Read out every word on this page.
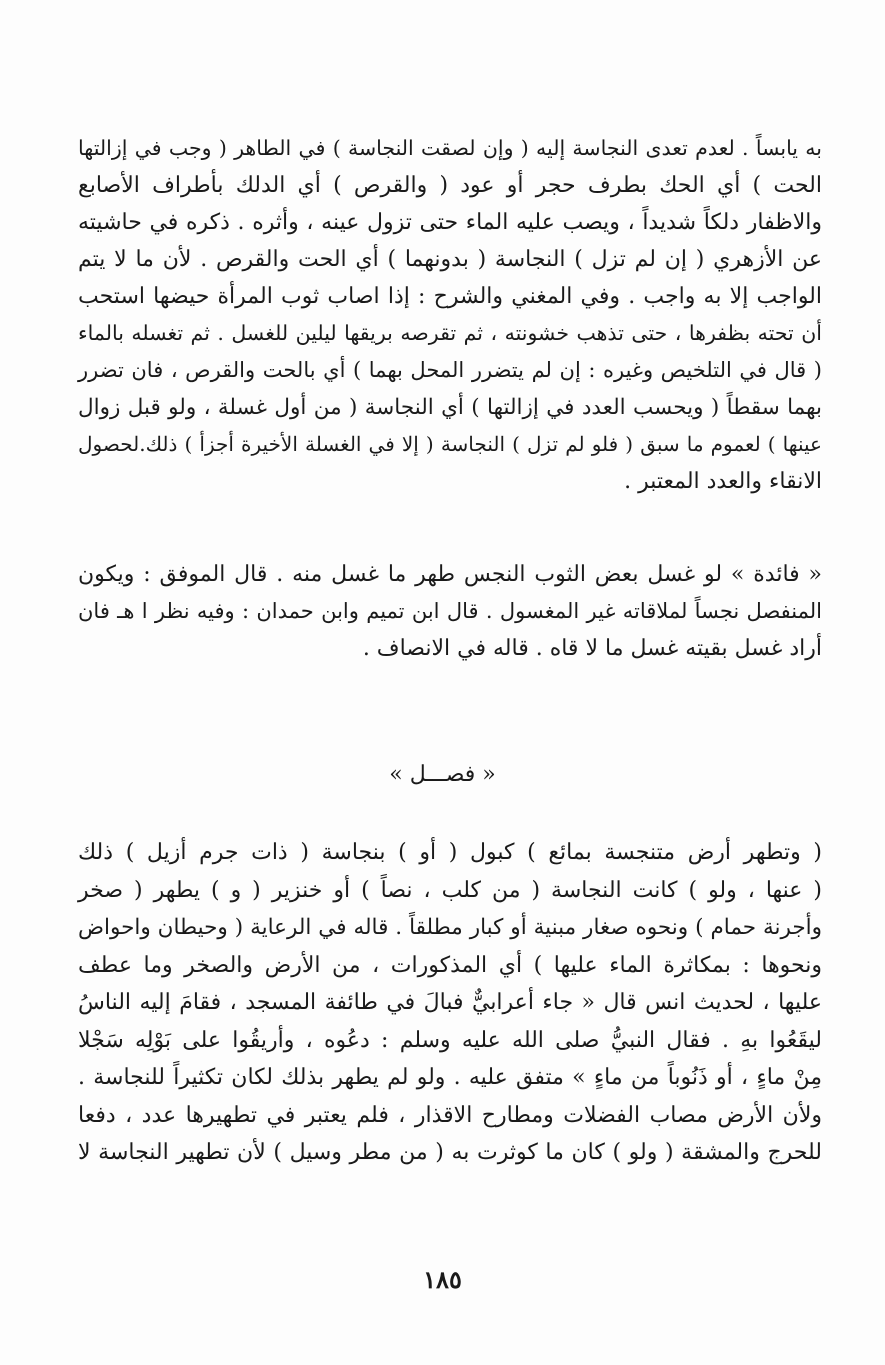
به يابساً . لعدم تعدى النجاسة إليه ( وإن لصقت النجاسة ) في الطاهر ( وجب في إزالتها
الحت ) أي الحك بطرف حجر أو عود ( والقرص ) أي الدلك بأطراف الأصابع
والاظفار دلكاً شديداً ، ويصب عليه الماء حتى تزول عينه ، وأثره . ذكره في حاشيته
عن الأزهري ( إن لم تزل ) النجاسة ( بدونهما ) أي الحت والقرص . لأن ما لا يتم
الواجب إلا به واجب . وفي المغني والشرح : إذا اصاب ثوب المرأة حيضها استحب
أن تحته بظفرها ، حتى تذهب خشونته ، ثم تقرصه بريقها ليلين للغسل . ثم تغسله بالماء
( قال في التلخيص وغيره : إن لم يتضرر المحل بهما ) أي بالحت والقرص ، فان تضرر
بهما سقطاً ( ويحسب العدد في إزالتها ) أي النجاسة ( من أول غسلة ، ولو قبل زوال
عينها ) لعموم ما سبق ( فلو لم تزل ) النجاسة ( إلا في الغسلة الأخيرة أجزأ ) ذلك.لحصول
الانقاء والعدد المعتبر .
« فائدة » لو غسل بعض الثوب النجس طهر ما غسل منه . قال الموفق : ويكون
المنفصل نجساً لملاقاته غير المغسول . قال ابن تميم وابن حمدان : وفيه نظر ا هـ فان
أراد غسل بقيته غسل ما لا قاه . قاله في الانصاف .
« فصـــل »
( وتطهر أرض متنجسة بمائع ) كبول ( أو ) بنجاسة ( ذات جرم أزيل ) ذلك
( عنها ، ولو ) كانت النجاسة ( من كلب ، نصاً ) أو خنزير ( و ) يطهر ( صخر
وأجرنة حمام ) ونحوه صغار مبنية أو كبار مطلقاً . قاله في الرعاية ( وحيطان واحواض
ونحوها : بمكاثرة الماء عليها ) أي المذكورات ، من الأرض والصخر وما عطف
عليها ، لحديث انس قال « جاء أعرابيٌّ فبالَ في طائفة المسجد ، فقامَ إليه الناسُ
ليقَعُوا بهِ . فقال النبيُّ صلى الله عليه وسلم : دعُوه ، وأريقُوا على بَوْلِه سَجْلا
مِنْ ماءٍ ، أو ذَنُوباً من ماءٍ » متفق عليه . ولو لم يطهر بذلك لكان تكثيراً للنجاسة .
ولأن الأرض مصاب الفضلات ومطارح الاقذار ، فلم يعتبر في تطهيرها عدد ، دفعا
للحرج والمشقة ( ولو ) كان ما كوثرت به ( من مطر وسيل ) لأن تطهير النجاسة لا
١٨٥
